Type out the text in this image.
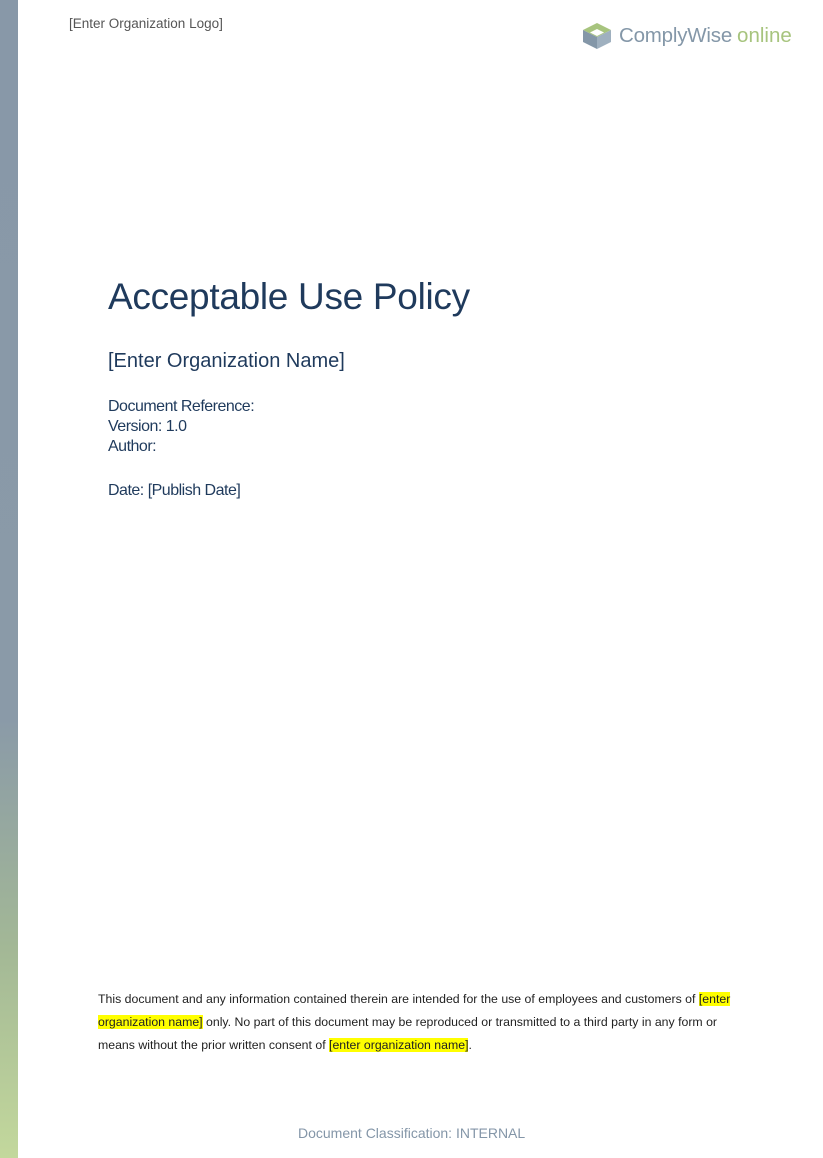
[Enter Organization Logo]
ComplyWise online
Acceptable Use Policy
[Enter Organization Name]
Document Reference:
Version: 1.0
Author:
Date: [Publish Date]
This document and any information contained therein are intended for the use of employees and customers of [enter organization name] only. No part of this document may be reproduced or transmitted to a third party in any form or means without the prior written consent of [enter organization name].
Document Classification: INTERNAL
